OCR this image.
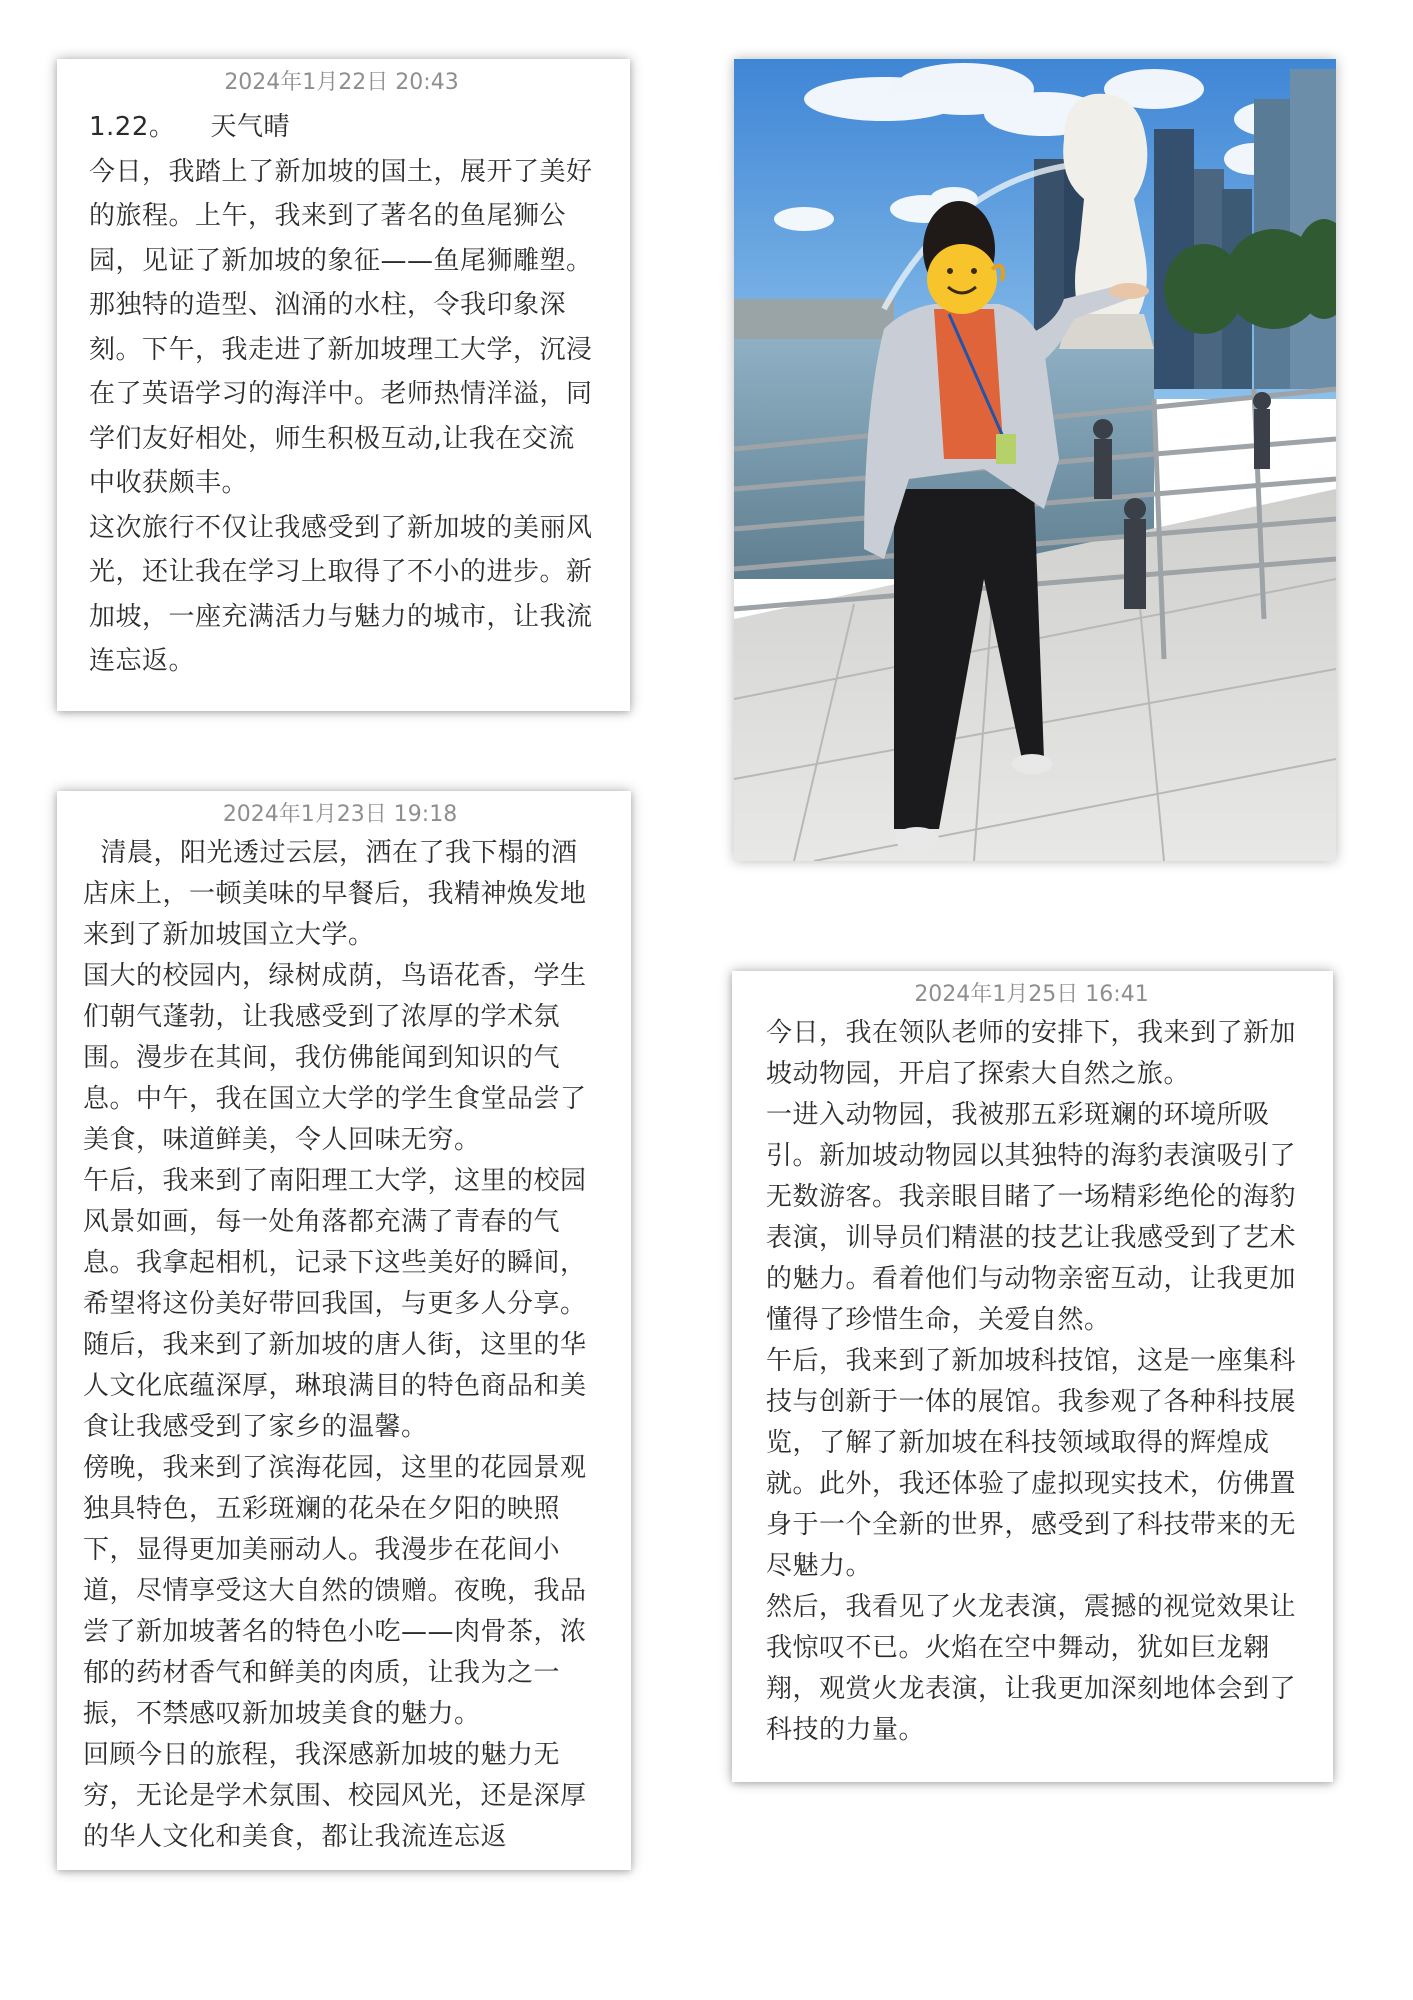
2024年1月22日 20:43

1.22。    天气晴

今日，我踏上了新加坡的国土，展开了美好的旅程。上午，我来到了著名的鱼尾狮公园，见证了新加坡的象征——鱼尾狮雕塑。

那独特的造型、汹涌的水柱，令我印象深刻。下午，我走进了新加坡理工大学，沉浸在了英语学习的海洋中。老师热情洋溢，同学们友好相处，师生积极互动,让我在交流中收获颇丰。

这次旅行不仅让我感受到了新加坡的美丽风光，还让我在学习上取得了不小的进步。新加坡，一座充满活力与魅力的城市，让我流连忘返。

2024年1月23日 19:18

清晨，阳光透过云层，洒在了我下榻的酒店床上，一顿美味的早餐后，我精神焕发地来到了新加坡国立大学。

国大的校园内，绿树成荫，鸟语花香，学生们朝气蓬勃，让我感受到了浓厚的学术氛围。漫步在其间，我仿佛能闻到知识的气息。中午，我在国立大学的学生食堂品尝了美食，味道鲜美，令人回味无穷。

午后，我来到了南阳理工大学，这里的校园风景如画，每一处角落都充满了青春的气息。我拿起相机，记录下这些美好的瞬间，希望将这份美好带回我国，与更多人分享。

随后，我来到了新加坡的唐人街，这里的华人文化底蕴深厚，琳琅满目的特色商品和美食让我感受到了家乡的温馨。

傍晚，我来到了滨海花园，这里的花园景观独具特色，五彩斑斓的花朵在夕阳的映照下，显得更加美丽动人。我漫步在花间小道，尽情享受这大自然的馈赠。夜晚，我品尝了新加坡著名的特色小吃——肉骨茶，浓郁的药材香气和鲜美的肉质，让我为之一振，不禁感叹新加坡美食的魅力。

回顾今日的旅程，我深感新加坡的魅力无穷，无论是学术氛围、校园风光，还是深厚的华人文化和美食，都让我流连忘返

2024年1月25日 16:41

今日，我在领队老师的安排下，我来到了新加坡动物园，开启了探索大自然之旅。

一进入动物园，我被那五彩斑斓的环境所吸引。新加坡动物园以其独特的海豹表演吸引了无数游客。我亲眼目睹了一场精彩绝伦的海豹表演，训导员们精湛的技艺让我感受到了艺术的魅力。看着他们与动物亲密互动，让我更加懂得了珍惜生命，关爱自然。

午后，我来到了新加坡科技馆，这是一座集科技与创新于一体的展馆。我参观了各种科技展览，了解了新加坡在科技领域取得的辉煌成就。此外，我还体验了虚拟现实技术，仿佛置身于一个全新的世界，感受到了科技带来的无尽魅力。

然后，我看见了火龙表演，震撼的视觉效果让我惊叹不已。火焰在空中舞动，犹如巨龙翱翔，观赏火龙表演，让我更加深刻地体会到了科技的力量。
